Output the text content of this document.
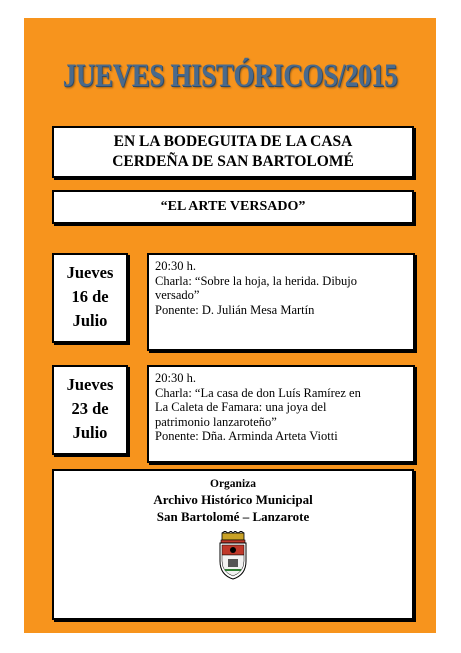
JUEVES HISTÓRICOS/2015
EN LA BODEGUITA DE LA CASA
CERDEÑA DE SAN BARTOLOMÉ
“EL ARTE VERSADO”
Jueves
16 de
Julio
20:30 h.
Charla: “Sobre la hoja, la herida. Dibujo
versado”
Ponente: D. Julián Mesa Martín
Jueves
23 de
Julio
20:30 h.
Charla: “La casa de don Luís Ramírez en
La Caleta de Famara: una joya del
patrimonio lanzaroteño”
Ponente: Dña. Arminda Arteta Viotti
Organiza
Archivo Histórico Municipal
San Bartolomé – Lanzarote
